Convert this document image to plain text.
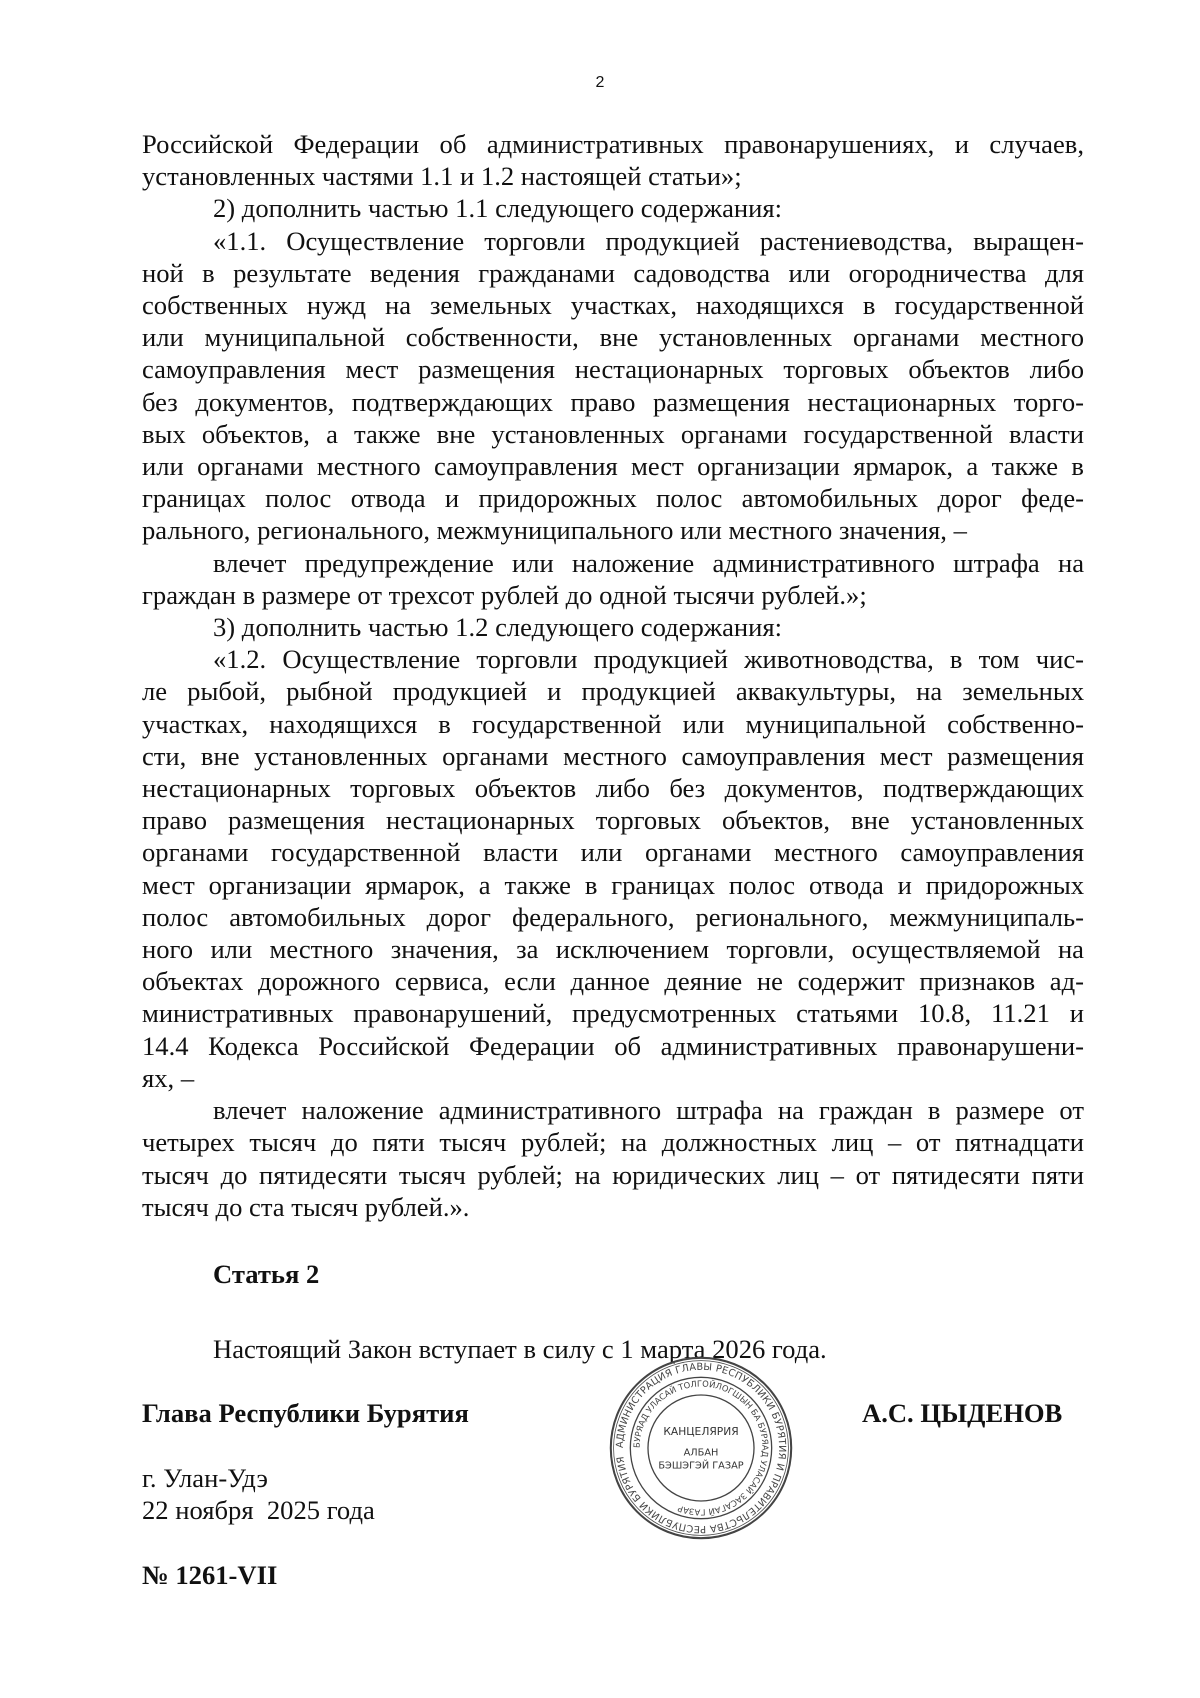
2

Российской Федерации об административных правонарушениях, и случаев,

установленных частями 1.1 и 1.2 настоящей статьи»;

2) дополнить частью 1.1 следующего содержания:

«1.1. Осуществление торговли продукцией растениеводства, выращен-

ной в результате ведения гражданами садоводства или огородничества для

собственных нужд на земельных участках, находящихся в государственной

или муниципальной собственности, вне установленных органами местного

самоуправления мест размещения нестационарных торговых объектов либо

без документов, подтверждающих право размещения нестационарных торго-

вых объектов, а также вне установленных органами государственной власти

или органами местного самоуправления мест организации ярмарок, а также в

границах полос отвода и придорожных полос автомобильных дорог феде-

рального, регионального, межмуниципального или местного значения, –

влечет предупреждение или наложение административного штрафа на

граждан в размере от трехсот рублей до одной тысячи рублей.»;

3) дополнить частью 1.2 следующего содержания:

«1.2. Осуществление торговли продукцией животноводства, в том чис-

ле рыбой, рыбной продукцией и продукцией аквакультуры, на земельных

участках, находящихся в государственной или муниципальной собственно-

сти, вне установленных органами местного самоуправления мест размещения

нестационарных торговых объектов либо без документов, подтверждающих

право размещения нестационарных торговых объектов, вне установленных

органами государственной власти или органами местного самоуправления

мест организации ярмарок, а также в границах полос отвода и придорожных

полос автомобильных дорог федерального, регионального, межмуниципаль-

ного или местного значения, за исключением торговли, осуществляемой на

объектах дорожного сервиса, если данное деяние не содержит признаков ад-

министративных правонарушений, предусмотренных статьями 10.8, 11.21 и

14.4 Кодекса Российской Федерации об административных правонарушени-

ях, –

влечет наложение административного штрафа на граждан в размере от

четырех тысяч до пяти тысяч рублей; на должностных лиц – от пятнадцати

тысяч до пятидесяти тысяч рублей; на юридических лиц – от пятидесяти пяти

тысяч до ста тысяч рублей.».

Статья 2
Настоящий Закон вступает в силу с 1 марта 2026 года.
Глава Республики Бурятия	А.С. ЦЫДЕНОВ
г. Улан-Удэ
22 ноября  2025 года
№ 1261-VII
АДМИНИСТРАЦИЯ ГЛАВЫ РЕСПУБЛИКИ БУРЯТИЯ И ПРАВИТЕЛЬСТВА РЕСПУБЛИКИ БУРЯТИЯ
БУРЯАД УЛАСАЙ ТОЛГОЙЛОГШЫН БА БУРЯАД УЛАСАЙ ЗАСАГАЙ ГАЗАР
КАНЦЕЛЯРИЯ
АЛБАН
БЭШЭГЭЙ ГАЗАР
